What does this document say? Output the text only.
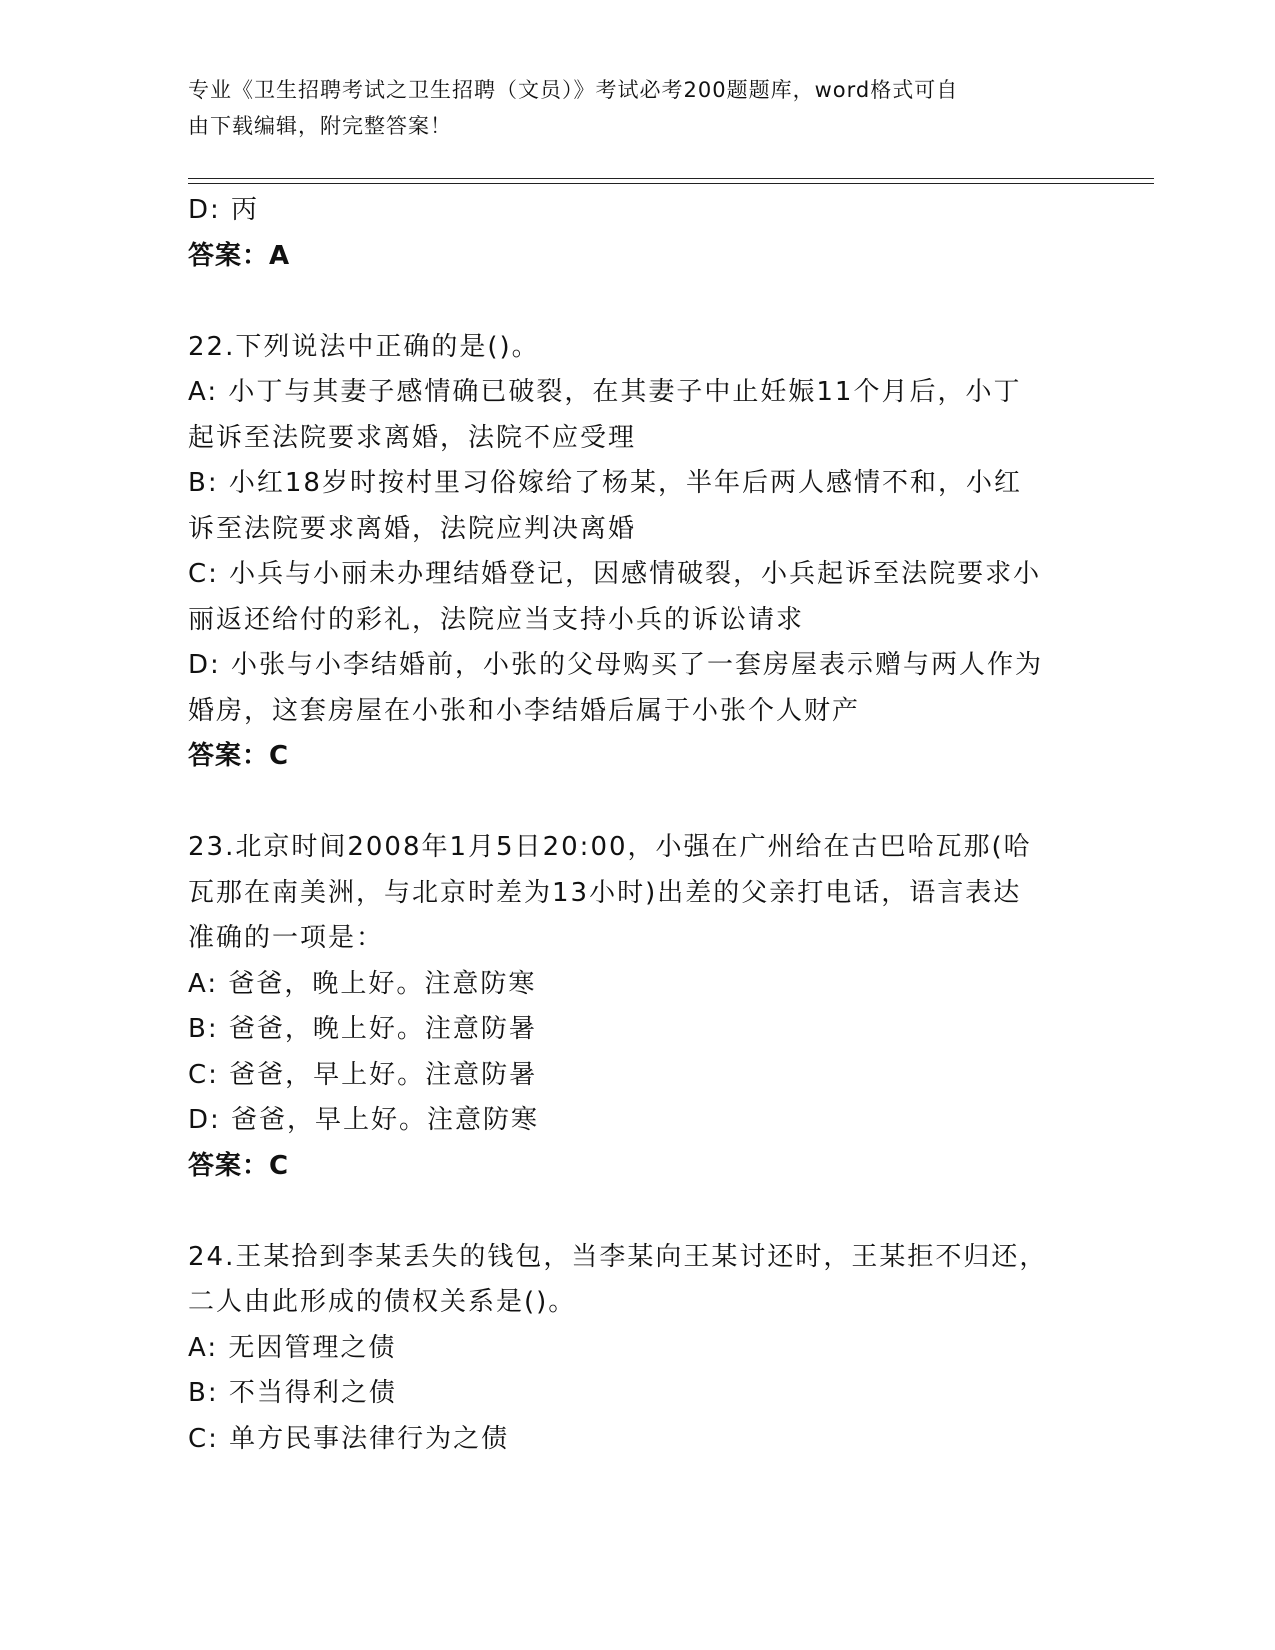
专业《卫生招聘考试之卫生招聘（文员）》考试必考200题题库，word格式可自
由下载编辑，附完整答案！

D: 丙

答案：A

22.下列说法中正确的是()。

A: 小丁与其妻子感情确已破裂，在其妻子中止妊娠11个月后，小丁

起诉至法院要求离婚，法院不应受理

B: 小红18岁时按村里习俗嫁给了杨某，半年后两人感情不和，小红

诉至法院要求离婚，法院应判决离婚

C: 小兵与小丽未办理结婚登记，因感情破裂，小兵起诉至法院要求小

丽返还给付的彩礼，法院应当支持小兵的诉讼请求

D: 小张与小李结婚前，小张的父母购买了一套房屋表示赠与两人作为

婚房，这套房屋在小张和小李结婚后属于小张个人财产

答案：C

23.北京时间2008年1月5日20:00，小强在广州给在古巴哈瓦那(哈

瓦那在南美洲，与北京时差为13小时)出差的父亲打电话，语言表达

准确的一项是：

A: 爸爸，晚上好。注意防寒

B: 爸爸，晚上好。注意防暑

C: 爸爸，早上好。注意防暑

D: 爸爸，早上好。注意防寒

答案：C

24.王某拾到李某丢失的钱包，当李某向王某讨还时，王某拒不归还，

二人由此形成的债权关系是()。

A: 无因管理之债

B: 不当得利之债

C: 单方民事法律行为之债
